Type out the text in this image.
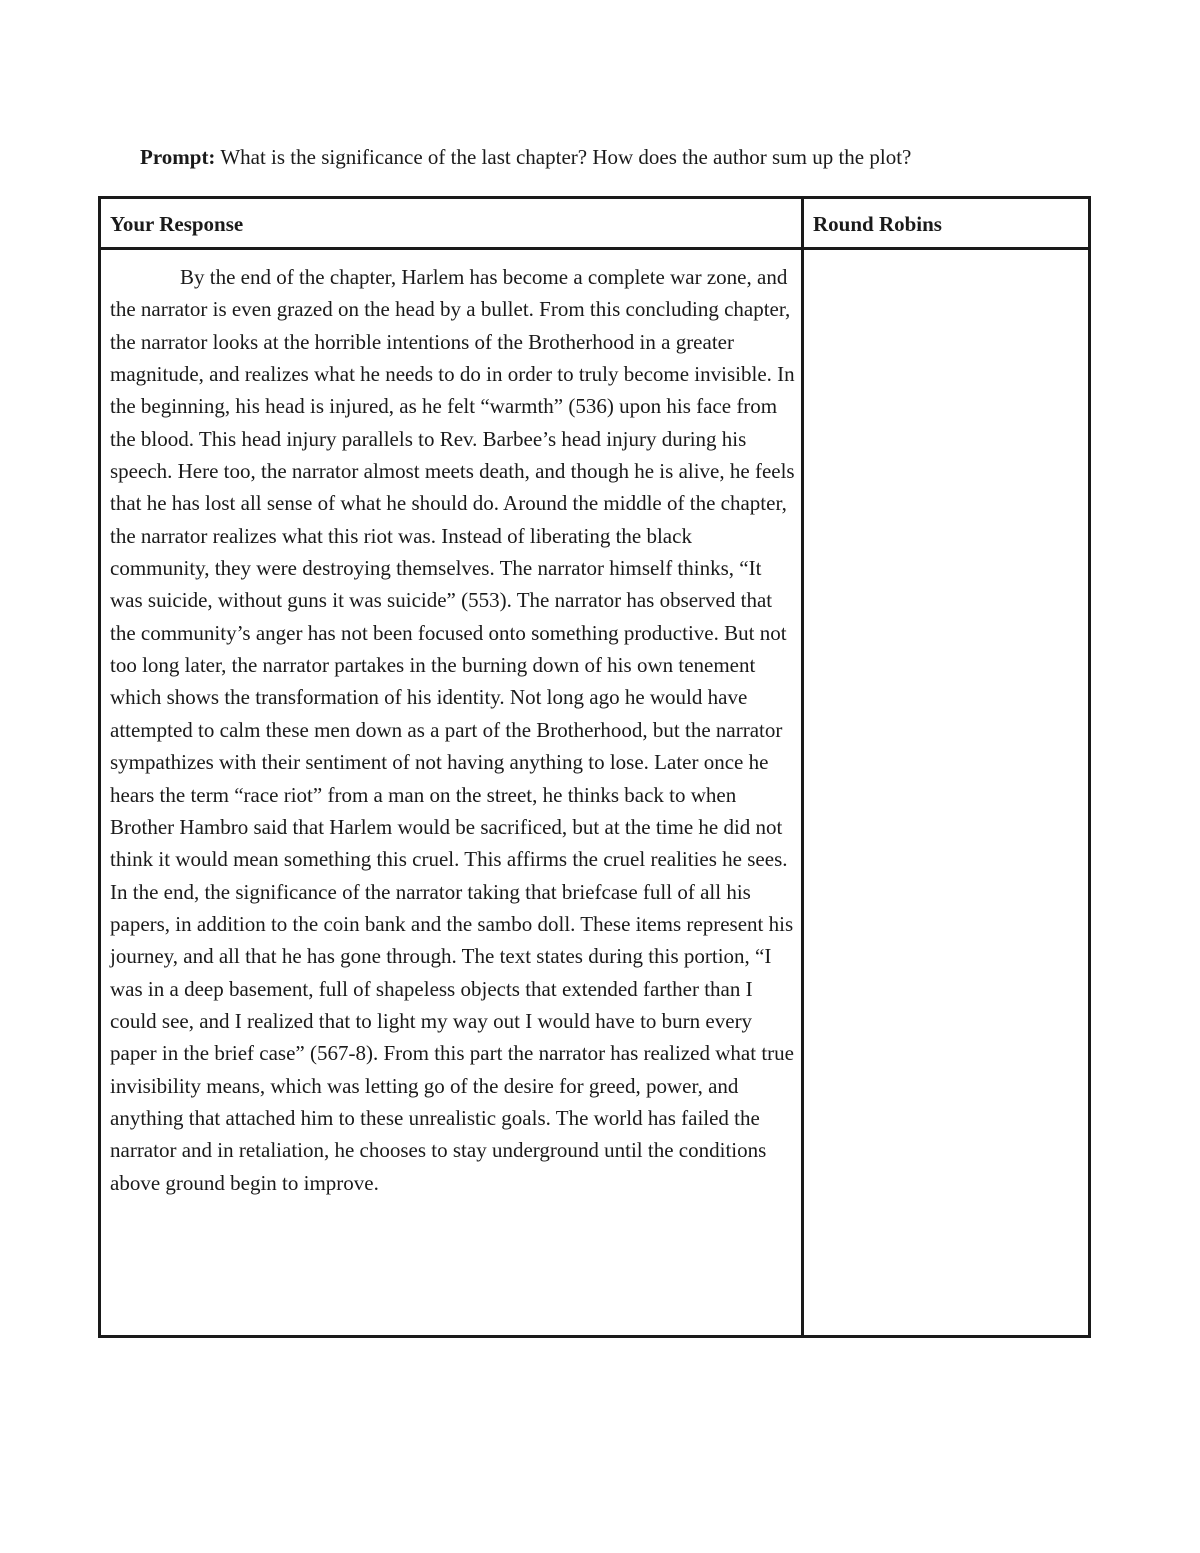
Prompt: What is the significance of the last chapter? How does the author sum up the plot?
Your Response	Round Robins

By the end of the chapter, Harlem has become a complete war zone, and the narrator is even grazed on the head by a bullet. From this concluding chapter, the narrator looks at the horrible intentions of the Brotherhood in a greater magnitude, and realizes what he needs to do in order to truly become invisible. In the beginning, his head is injured, as he felt “warmth” (536) upon his face from the blood. This head injury parallels to Rev. Barbee’s head injury during his speech. Here too, the narrator almost meets death, and though he is alive, he feels that he has lost all sense of what he should do. Around the middle of the chapter, the narrator realizes what this riot was. Instead of liberating the black community, they were destroying themselves. The narrator himself thinks, “It was suicide, without guns it was suicide” (553). The narrator has observed that the community’s anger has not been focused onto something productive. But not too long later, the narrator partakes in the burning down of his own tenement which shows the transformation of his identity. Not long ago he would have attempted to calm these men down as a part of the Brotherhood, but the narrator sympathizes with their sentiment of not having anything to lose. Later once he hears the term “race riot” from a man on the street, he thinks back to when Brother Hambro said that Harlem would be sacrificed, but at the time he did not think it would mean something this cruel. This affirms the cruel realities he sees. In the end, the significance of the narrator taking that briefcase full of all his papers, in addition to the coin bank and the sambo doll. These items represent his journey, and all that he has gone through. The text states during this portion, “I was in a deep basement, full of shapeless objects that extended farther than I could see, and I realized that to light my way out I would have to burn every paper in the brief case” (567-8). From this part the narrator has realized what true invisibility means, which was letting go of the desire for greed, power, and anything that attached him to these unrealistic goals. The world has failed the narrator and in retaliation, he chooses to stay underground until the conditions above ground begin to improve.
